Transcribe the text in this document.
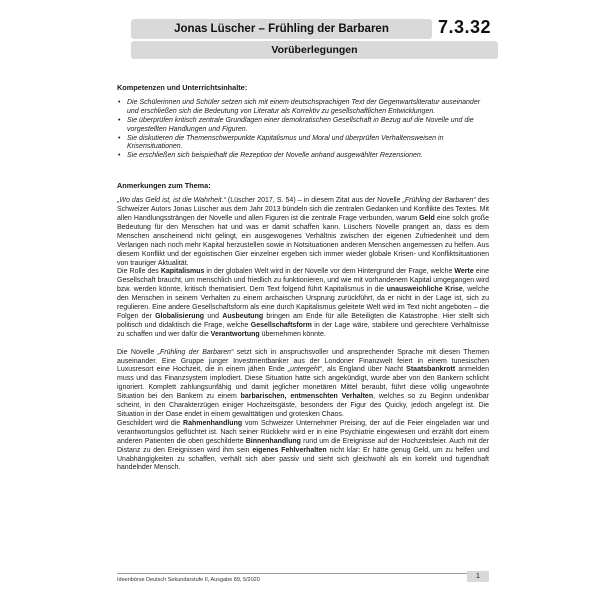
Jonas Lüscher – Frühling der Barbaren	7.3.32
Vorüberlegungen
Kompetenzen und Unterrichtsinhalte:
• Die Schülerinnen und Schüler setzen sich mit einem deutschsprachigen Text der Gegenwartsliteratur auseinander und erschließen sich die Bedeutung von Literatur als Korrektiv zu gesellschaftlichen Entwicklungen.
• Sie überprüfen kritisch zentrale Grundlagen einer demokratischen Gesellschaft in Bezug auf die Novelle und die vorgestellten Handlungen und Figuren.
• Sie diskutieren die Themenschwerpunkte Kapitalismus und Moral und überprüfen Verhaltensweisen in Krisensituationen.
• Sie erschließen sich beispielhaft die Rezeption der Novelle anhand ausgewählter Rezensionen.
Anmerkungen zum Thema:

„Wo das Geld ist, ist die Wahrheit.“ (Lüscher 2017, S. 54) – in diesem Zitat aus der Novelle „Frühling der Barbaren“ des Schweizer Autors Jonas Lüscher aus dem Jahr 2013 bündeln sich die zentralen Gedanken und Konflikte des Textes. Mit allen Handlungssträngen der Novelle und allen Figuren ist die zentrale Frage verbunden, warum Geld eine solch große Bedeutung für den Menschen hat und was er damit schaffen kann. Lüschers Novelle prangert an, dass es dem Menschen anscheinend nicht gelingt, ein ausgewogenes Verhältnis zwischen der eigenen Zufriedenheit und dem Verlangen nach noch mehr Kapital herzustellen sowie in Notsituationen anderen Menschen angemessen zu helfen. Aus diesem Konflikt und der egoistischen Gier einzelner ergeben sich immer wieder globale Krisen- und Konfliktsituationen von trauriger Aktualität.

Die Rolle des Kapitalismus in der globalen Welt wird in der Novelle vor dem Hintergrund der Frage, welche Werte eine Gesellschaft braucht, um menschlich und friedlich zu funktionieren, und wie mit vorhandenem Kapital umgegangen wird bzw. werden könnte, kritisch thematisiert. Dem Text folgend führt Kapitalismus in die unausweichliche Krise, welche den Menschen in seinem Verhalten zu einem archaischen Ursprung zurückführt, da er nicht in der Lage ist, sich zu regulieren. Eine andere Gesellschaftsform als eine durch Kapitalismus geleitete Welt wird im Text nicht angeboten – die Folgen der Globalisierung und Ausbeutung bringen am Ende für alle Beteiligten die Katastrophe. Hier stellt sich politisch und didaktisch die Frage, welche Gesellschaftsform in der Lage wäre, stabilere und gerechtere Verhältnisse zu schaffen und wer dafür die Verantwortung übernehmen könnte.

Die Novelle „Frühling der Barbaren“ setzt sich in anspruchsvoller und ansprechender Sprache mit diesen Themen auseinander. Eine Gruppe junger Investmentbanker aus der Londoner Finanzwelt feiert in einem tunesischen Luxusresort eine Hochzeit, die in einem jähen Ende „untergeht“, als England über Nacht Staatsbankrott anmelden muss und das Finanzsystem implodiert. Diese Situation hatte sich angekündigt, wurde aber von den Bankern schlicht ignoriert. Komplett zahlungsunfähig und damit jeglicher monetären Mittel beraubt, führt diese völlig ungewohnte Situation bei den Bankern zu einem barbarischen, entmenschten Verhalten, welches so zu Beginn undenkbar scheint, in den Charakterzügen einiger Hochzeitsgäste, besonders der Figur des Quicky, jedoch angelegt ist. Die Situation in der Oase endet in einem gewalttätigen und grotesken Chaos.

Geschildert wird die Rahmenhandlung vom Schweizer Unternehmer Preising, der auf die Feier eingeladen war und verantwortungslos geflüchtet ist. Nach seiner Rückkehr wird er in eine Psychiatrie eingewiesen und erzählt dort einem anderen Patienten die oben geschilderte Binnenhandlung rund um die Ereignisse auf der Hochzeitsfeier. Auch mit der Distanz zu den Ereignissen wird ihm sein eigenes Fehlverhalten nicht klar: Er hätte genug Geld, um zu helfen und Unabhängigkeiten zu schaffen, verhält sich aber passiv und sieht sich gleichwohl als ein korrekt und tugendhaft handelnder Mensch.

Ideenbörse Deutsch Sekundarstufe II, Ausgabe 89, 5/2020	1
